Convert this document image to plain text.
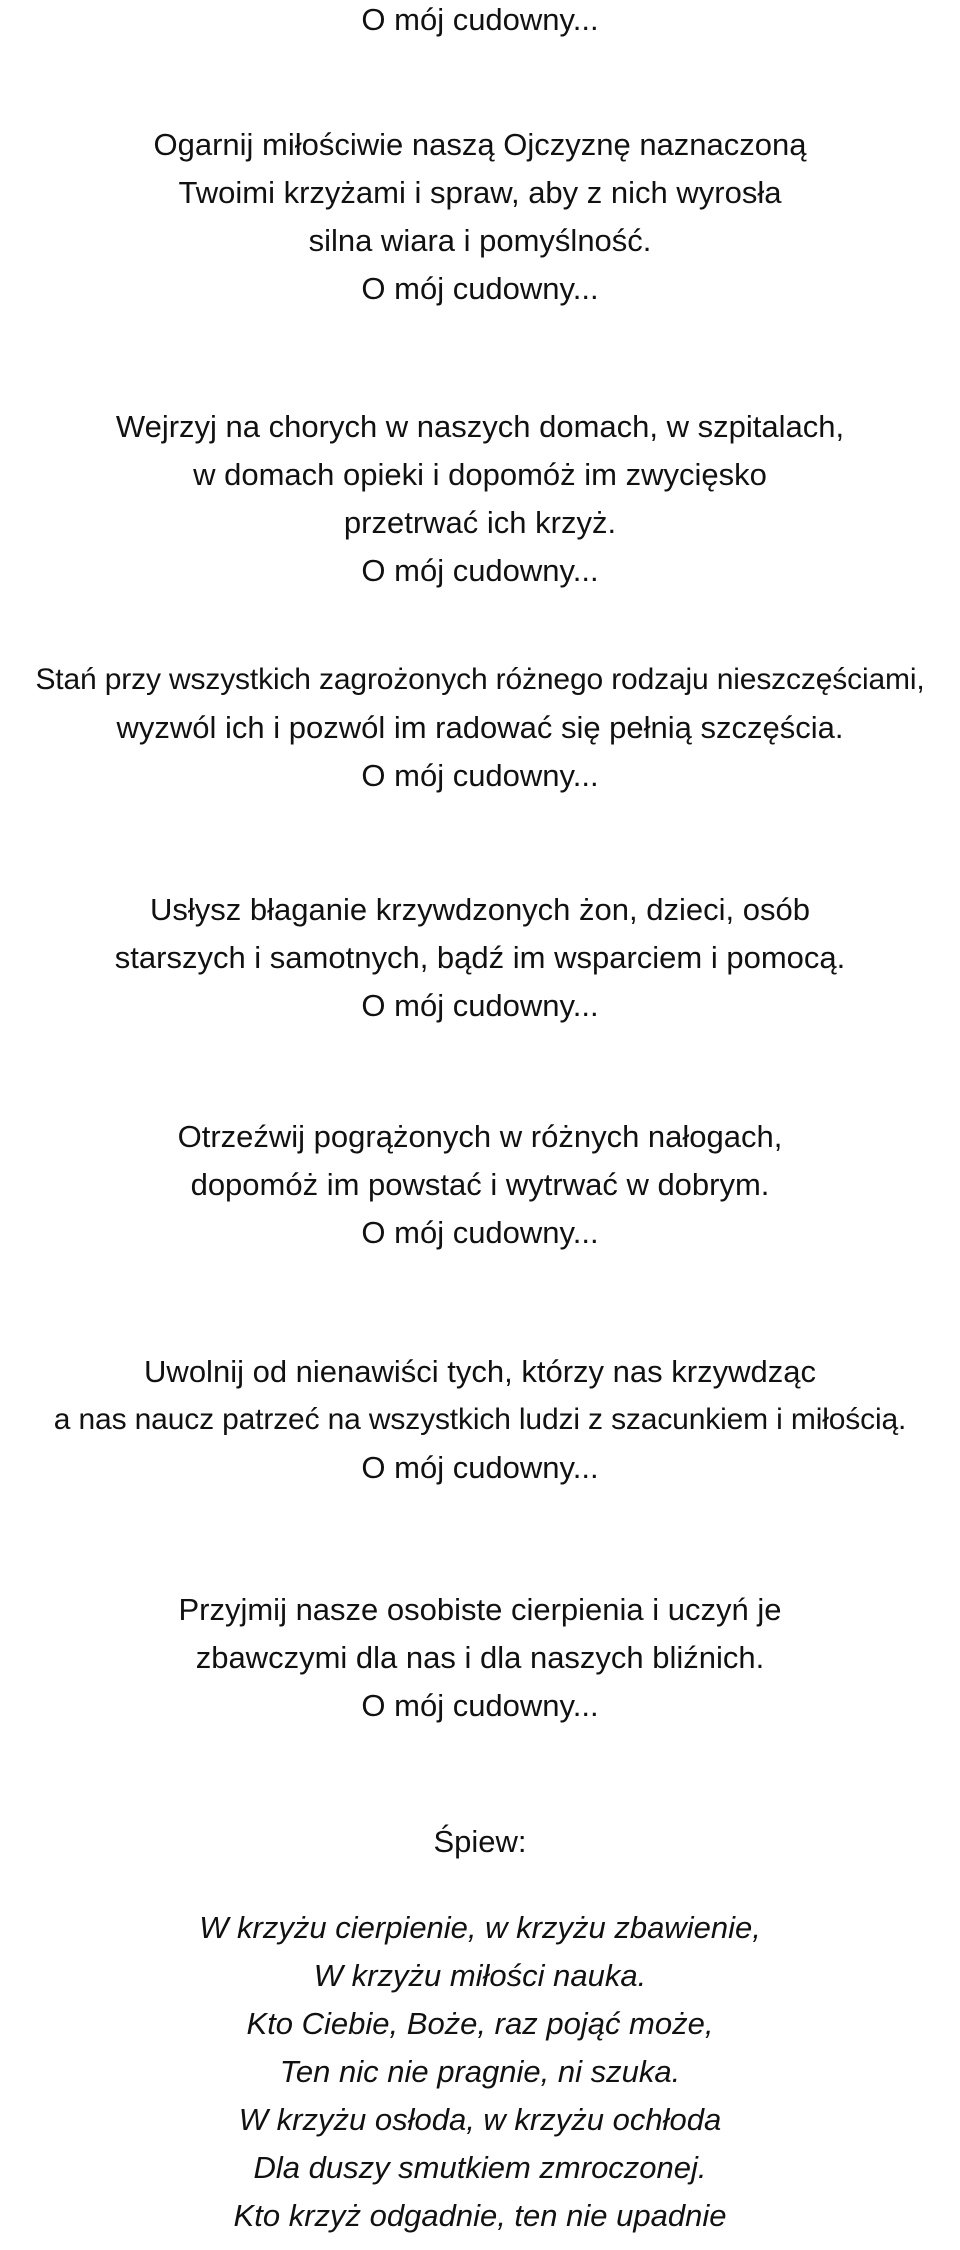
O mój cudowny...
Ogarnij miłościwie naszą Ojczyznę naznaczoną
Twoimi krzyżami i spraw, aby z nich wyrosła
silna wiara i pomyślność.
O mój cudowny...
Wejrzyj na chorych w naszych domach, w szpitalach,
w domach opieki i dopomóż im zwycięsko
przetrwać ich krzyż.
O mój cudowny...
Stań przy wszystkich zagrożonych różnego rodzaju nieszczęściami,
wyzwól ich i pozwól im radować się pełnią szczęścia.
O mój cudowny...
Usłysz błaganie krzywdzonych żon, dzieci, osób
starszych i samotnych, bądź im wsparciem i pomocą.
O mój cudowny...
Otrzeźwij pogrążonych w różnych nałogach,
dopomóż im powstać i wytrwać w dobrym.
O mój cudowny...
Uwolnij od nienawiści tych, którzy nas krzywdząc
a nas naucz patrzeć na wszystkich ludzi z szacunkiem i miłością.
O mój cudowny...
Przyjmij nasze osobiste cierpienia i uczyń je
zbawczymi dla nas i dla naszych bliźnich.
O mój cudowny...
Śpiew:
W krzyżu cierpienie, w krzyżu zbawienie,
W krzyżu miłości nauka.
Kto Ciebie, Boże, raz pojąć może,
Ten nic nie pragnie, ni szuka.
W krzyżu osłoda, w krzyżu ochłoda
Dla duszy smutkiem zmroczonej.
Kto krzyż odgadnie, ten nie upadnie
